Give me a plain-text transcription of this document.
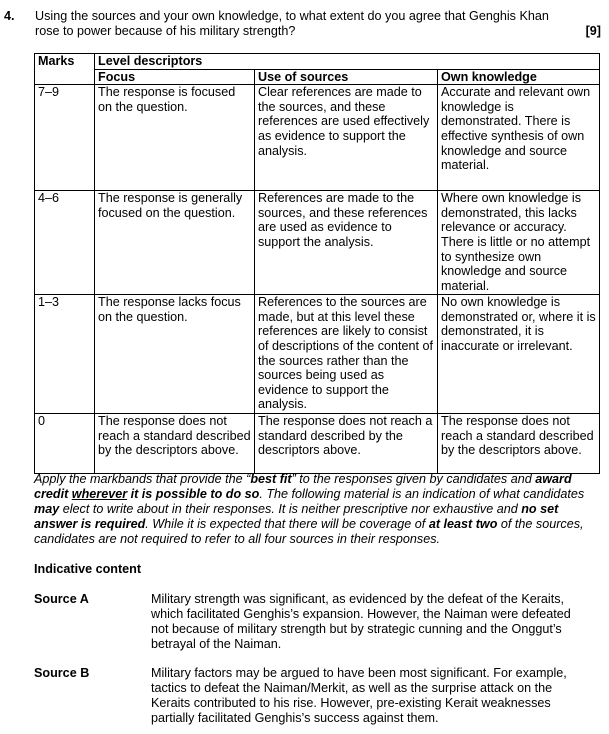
4. Using the sources and your own knowledge, to what extent do you agree that Genghis Khan rose to power because of his military strength?	[9]
Marks	Level descriptors		
	Focus	Use of sources	Own knowledge
7–9	The response is focused on the question.	Clear references are made to the sources, and these references are used effectively as evidence to support the analysis.	Accurate and relevant own knowledge is demonstrated. There is effective synthesis of own knowledge and source material.
4–6	The response is generally focused on the question.	References are made to the sources, and these references are used as evidence to support the analysis.	Where own knowledge is demonstrated, this lacks relevance or accuracy. There is little or no attempt to synthesize own knowledge and source material.
1–3	The response lacks focus on the question.	References to the sources are made, but at this level these references are likely to consist of descriptions of the content of the sources rather than the sources being used as evidence to support the analysis.	No own knowledge is demonstrated or, where it is demonstrated, it is inaccurate or irrelevant.
0	The response does not reach a standard described by the descriptors above.	The response does not reach a standard described by the descriptors above.	The response does not reach a standard described by the descriptors above.
Apply the markbands that provide the “best fit” to the responses given by candidates and award credit wherever it is possible to do so. The following material is an indication of what candidates may elect to write about in their responses. It is neither prescriptive nor exhaustive and no set answer is required. While it is expected that there will be coverage of at least two of the sources, candidates are not required to refer to all four sources in their responses.
Indicative content
Source A	Military strength was significant, as evidenced by the defeat of the Keraits, which facilitated Genghis’s expansion. However, the Naiman were defeated not because of military strength but by strategic cunning and the Onggut’s betrayal of the Naiman.
Source B	Military factors may be argued to have been most significant. For example, tactics to defeat the Naiman/Merkit, as well as the surprise attack on the Keraits contributed to his rise. However, pre-existing Kerait weaknesses partially facilitated Genghis’s success against them.
